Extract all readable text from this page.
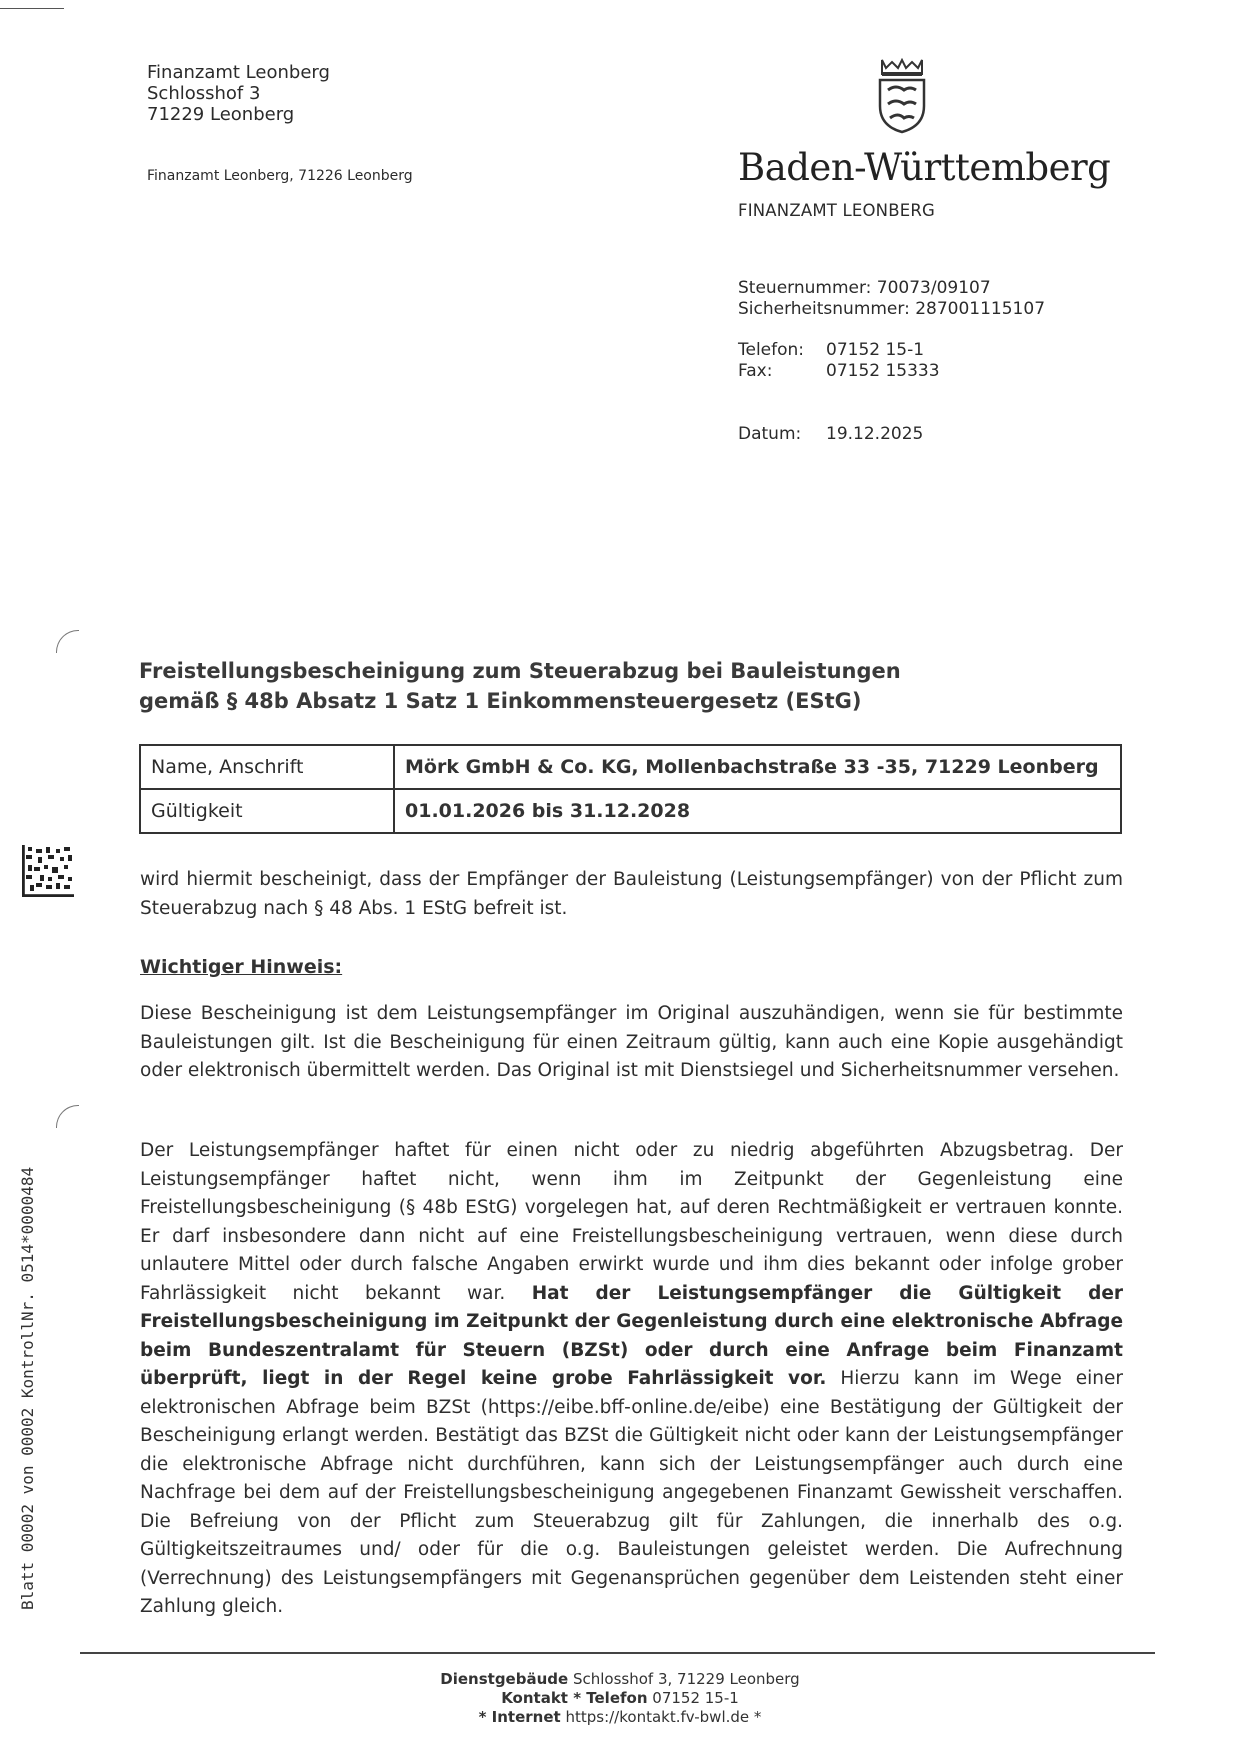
Finanzamt Leonberg
Schlosshof 3
71229 Leonberg
Finanzamt Leonberg, 71226 Leonberg	Baden-Württemberg
FINANZAMT LEONBERG
Steuernummer: 70073/09107
Sicherheitsnummer: 287001115107
Telefon: 07152 15-1
Fax:	07152 15333
Datum: 19.12.2025
Freistellungsbescheinigung zum Steuerabzug bei Bauleistungen
gemäß § 48b Absatz 1 Satz 1 Einkommensteuergesetz (EStG)
Name, Anschrift	Mörk GmbH & Co. KG, Mollenbachstraße 33 -35, 71229 Leonberg
Gültigkeit	01.01.2026 bis 31.12.2028
wird hiermit bescheinigt, dass der Empfänger der Bauleistung (Leistungsempfänger) von der Pflicht zum Steuerabzug nach § 48 Abs. 1 EStG befreit ist.
Wichtiger Hinweis:
Diese Bescheinigung ist dem Leistungsempfänger im Original auszuhändigen, wenn sie für bestimmte Bauleistungen gilt. Ist die Bescheinigung für einen Zeitraum gültig, kann auch eine Kopie ausgehändigt oder elektronisch übermittelt werden. Das Original ist mit Dienstsiegel und Sicherheitsnummer versehen.
Der Leistungsempfänger haftet für einen nicht oder zu niedrig abgeführten Abzugsbetrag. Der Leistungsempfänger haftet nicht, wenn ihm im Zeitpunkt der Gegenleistung eine Freistellungsbescheinigung (§ 48b EStG) vorgelegen hat, auf deren Rechtmäßigkeit er vertrauen konnte. Er darf insbesondere dann nicht auf eine Freistellungsbescheinigung vertrauen, wenn diese durch unlautere Mittel oder durch falsche Angaben erwirkt wurde und ihm dies bekannt oder infolge grober Fahrlässigkeit nicht bekannt war. Hat der Leistungsempfänger die Gültigkeit der Freistellungsbescheinigung im Zeitpunkt der Gegenleistung durch eine elektronische Abfrage beim Bundeszentralamt für Steuern (BZSt) oder durch eine Anfrage beim Finanzamt überprüft, liegt in der Regel keine grobe Fahrlässigkeit vor. Hierzu kann im Wege einer elektronischen Abfrage beim BZSt (https://eibe.bff-online.de/eibe) eine Bestätigung der Gültigkeit der Bescheinigung erlangt werden. Bestätigt das BZSt die Gültigkeit nicht oder kann der Leistungsempfänger die elektronische Abfrage nicht durchführen, kann sich der Leistungsempfänger auch durch eine Nachfrage bei dem auf der Freistellungsbescheinigung angegebenen Finanzamt Gewissheit verschaffen. Die Befreiung von der Pflicht zum Steuerabzug gilt für Zahlungen, die innerhalb des o.g. Gültigkeitszeitraumes und/ oder für die o.g. Bauleistungen geleistet werden. Die Aufrechnung (Verrechnung) des Leistungsempfängers mit Gegenansprüchen gegenüber dem Leistenden steht einer Zahlung gleich.
Blatt 00002 von 00002 KontrollNr. 0514*0000484
Dienstgebäude Schlosshof 3, 71229 Leonberg
Kontakt * Telefon 07152 15-1
* Internet https://kontakt.fv-bwl.de *
